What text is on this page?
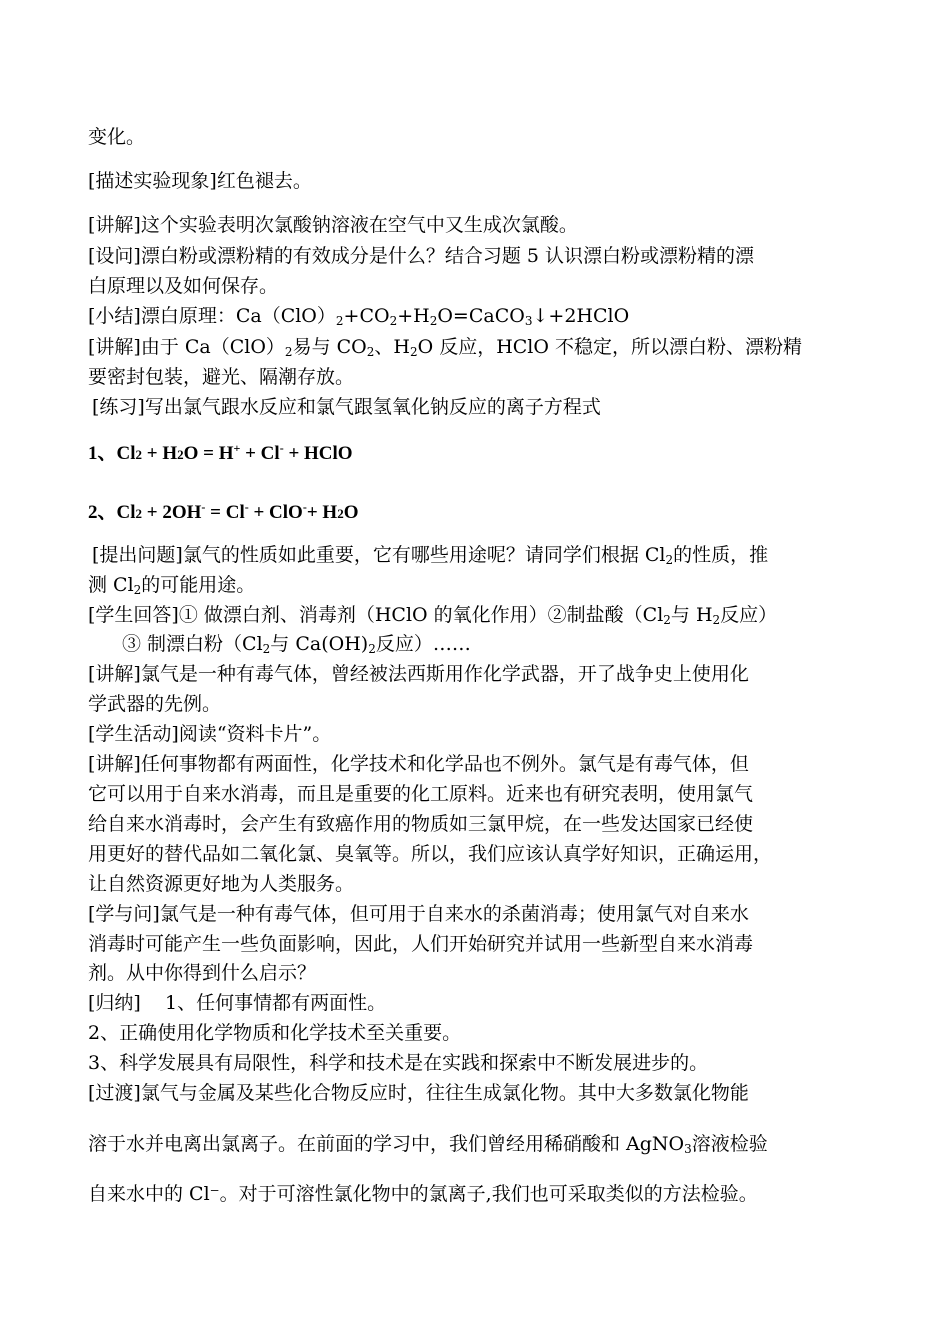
变化。
[描述实验现象]红色褪去。
[讲解]这个实验表明次氯酸钠溶液在空气中又生成次氯酸。
[设问]漂白粉或漂粉精的有效成分是什么？结合习题 5 认识漂白粉或漂粉精的漂
白原理以及如何保存。
[小结]漂白原理：$Ca(ClO)_2+CO_2+H_2O=CaCO_3↓+2HClO$
[讲解]由于 $Ca(ClO)_2$易与 $CO_2$、$H_2O$ 反应，HClO 不稳定，所以漂白粉、漂粉精
要密封包装，避光、隔潮存放。
[练习]写出氯气跟水反应和氯气跟氢氧化钠反应的离子方程式
1、Cl2 + H2O = H+ + Cl- + HClO
2、Cl2 + 2OH- = Cl- + ClO-+ H2O
[提出问题]氯气的性质如此重要，它有哪些用途呢？请同学们根据 $Cl_2$的性质，推
测 $Cl_2$的可能用途。
[学生回答]① 做漂白剂、消毒剂（HClO 的氧化作用）②制盐酸（$Cl_2$与 $H_2$反应）
③ 制漂白粉（$Cl_2$与 $Ca(OH)_2$反应）……
[讲解]氯气是一种有毒气体，曾经被法西斯用作化学武器，开了战争史上使用化
学武器的先例。
[学生活动]阅读“资料卡片”。
[讲解]任何事物都有两面性，化学技术和化学品也不例外。氯气是有毒气体，但
它可以用于自来水消毒，而且是重要的化工原料。近来也有研究表明，使用氯气
给自来水消毒时，会产生有致癌作用的物质如三氯甲烷，在一些发达国家已经使
用更好的替代品如二氧化氯、臭氧等。所以，我们应该认真学好知识，正确运用，
让自然资源更好地为人类服务。
[学与问]氯气是一种有毒气体，但可用于自来水的杀菌消毒；使用氯气对自来水
消毒时可能产生一些负面影响，因此，人们开始研究并试用一些新型自来水消毒
剂。从中你得到什么启示？
[归纳]    1、任何事情都有两面性。
2、正确使用化学物质和化学技术至关重要。
3、科学发展具有局限性，科学和技术是在实践和探索中不断发展进步的。
[过渡]氯气与金属及某些化合物反应时，往往生成氯化物。其中大多数氯化物能
溶于水并电离出氯离子。在前面的学习中，我们曾经用稀硝酸和 AgNO$_3$溶液检验
自来水中的 Cl⁻。对于可溶性氯化物中的氯离子,我们也可采取类似的方法检验。
